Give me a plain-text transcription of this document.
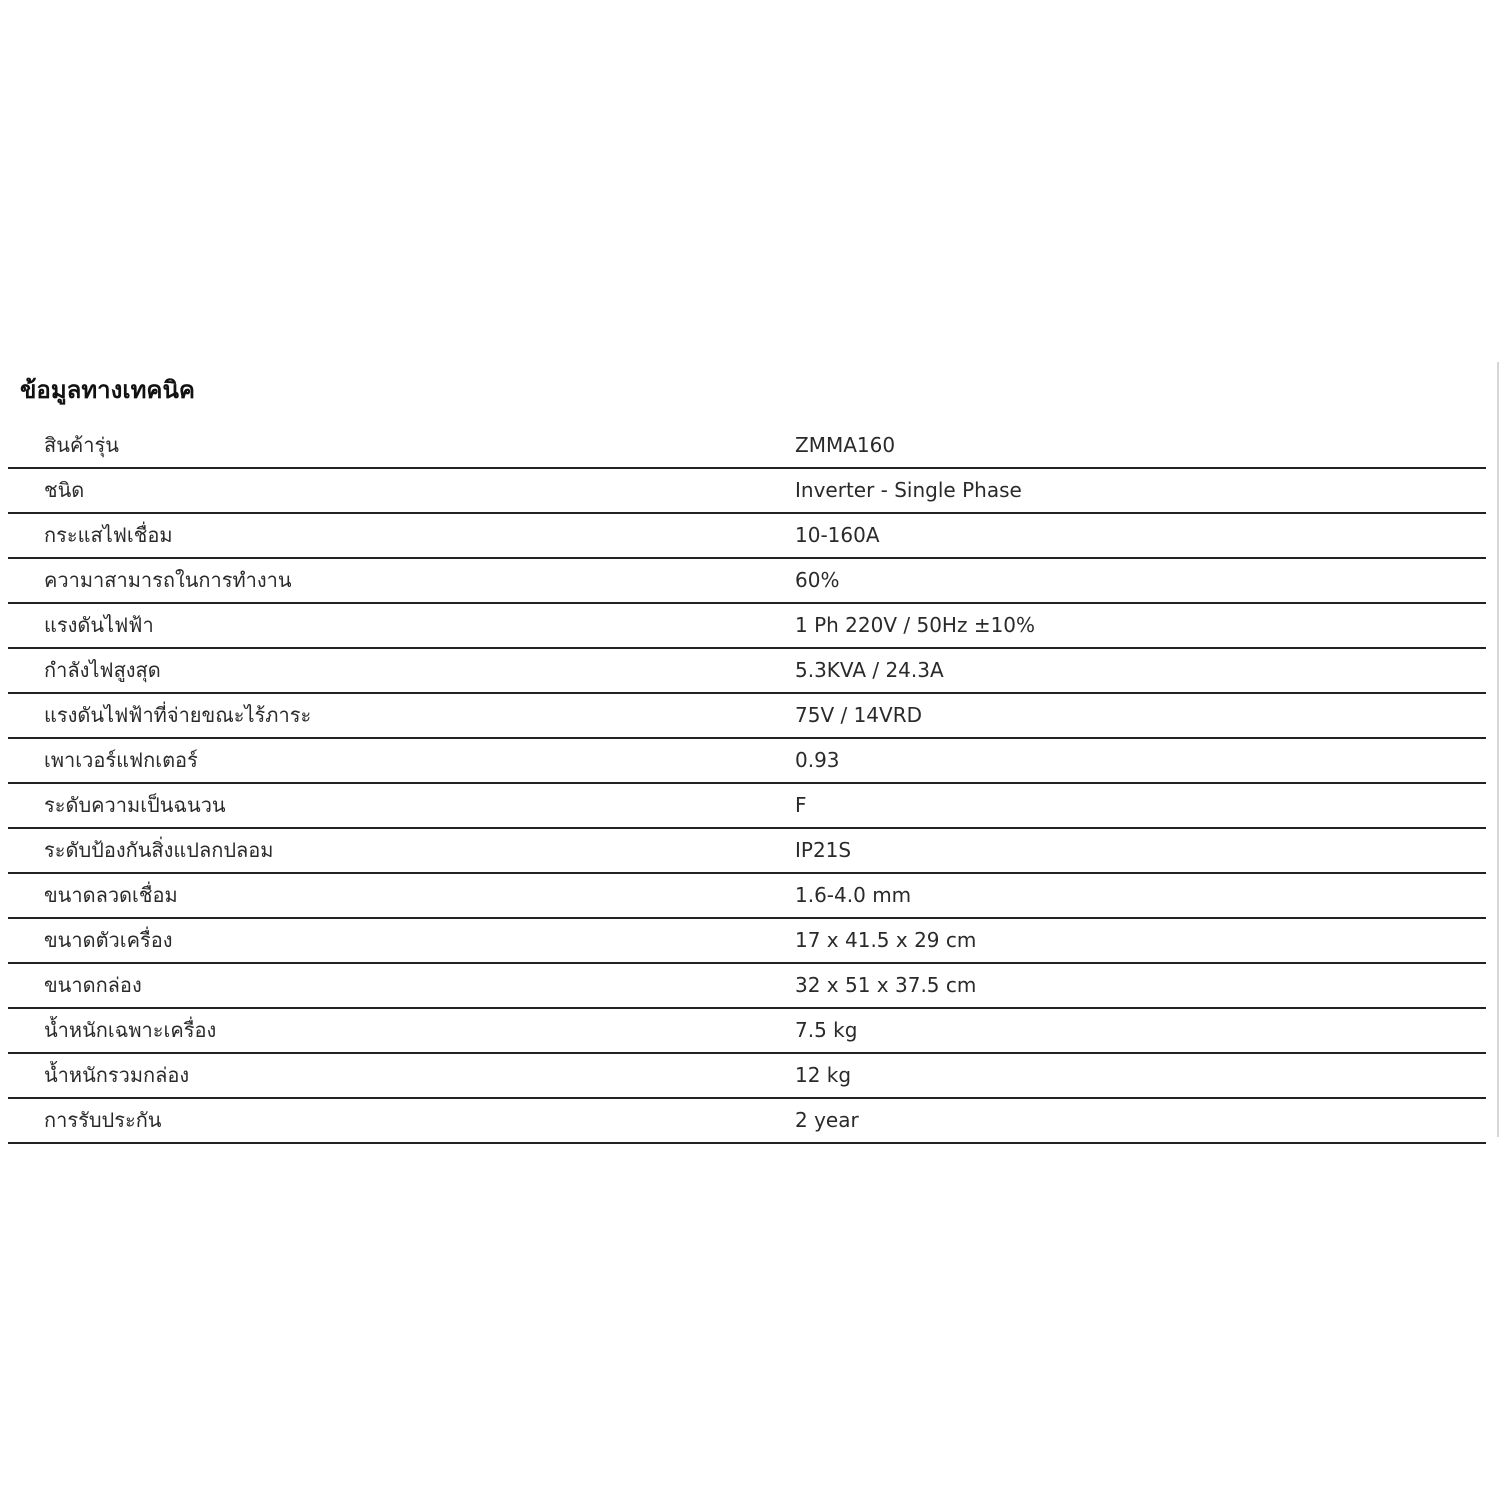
ข้อมูลทางเทคนิค
สินค้ารุ่น	ZMMA160
ชนิด	Inverter - Single Phase
กระแสไฟเชื่อม	10-160A
ความาสามารถในการทำงาน	60%
แรงดันไฟฟ้า	1 Ph 220V / 50Hz ±10%
กำลังไฟสูงสุด	5.3KVA / 24.3A
แรงดันไฟฟ้าที่จ่ายขณะไร้ภาระ	75V / 14VRD
เพาเวอร์แฟกเตอร์	0.93
ระดับความเป็นฉนวน	F
ระดับป้องกันสิ่งแปลกปลอม	IP21S
ขนาดลวดเชื่อม	1.6-4.0 mm
ขนาดตัวเครื่อง	17 x 41.5 x 29 cm
ขนาดกล่อง	32 x 51 x 37.5 cm
น้ำหนักเฉพาะเครื่อง	7.5 kg
น้ำหนักรวมกล่อง	12 kg
การรับประกัน	2 year
